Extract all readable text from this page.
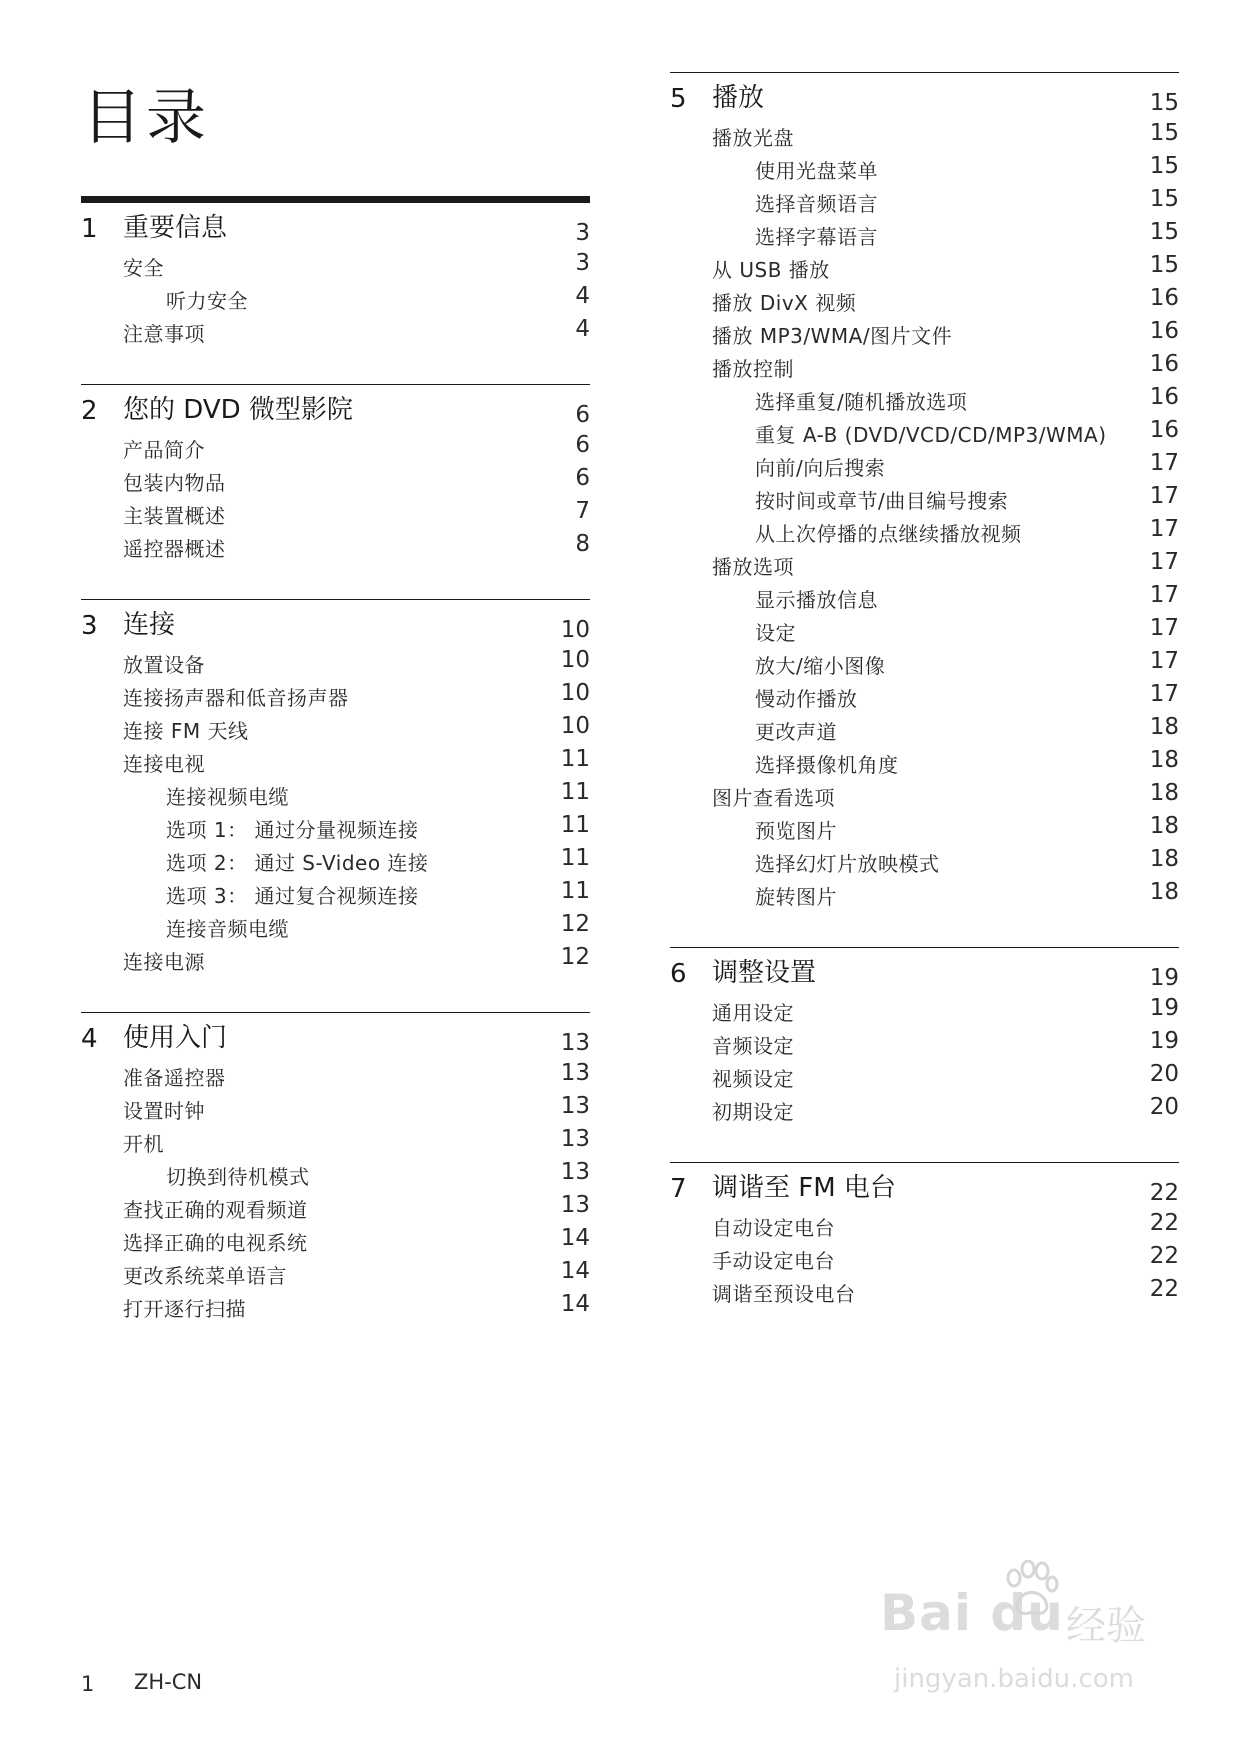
目录
1 重要信息	3
安全	3
听力安全	4
注意事项	4
2 您的 DVD 微型影院	6
产品简介	6
包装内物品	6
主装置概述	7
遥控器概述	8
3 连接	10
放置设备	10
连接扬声器和低音扬声器	10
连接 FM 天线	10
连接电视	11
连接视频电缆	11
选项 1： 通过分量视频连接	11
选项 2： 通过 S-Video 连接	11
选项 3： 通过复合视频连接	11
连接音频电缆	12
连接电源	12
4 使用入门	13
准备遥控器	13
设置时钟	13
开机	13
切换到待机模式	13
查找正确的观看频道	13
选择正确的电视系统	14
更改系统菜单语言	14
打开逐行扫描	14
5 播放	15
播放光盘	15
使用光盘菜单	15
选择音频语言	15
选择字幕语言	15
从 USB 播放	15
播放 DivX 视频	16
播放 MP3/WMA/图片文件	16
播放控制	16
选择重复/随机播放选项	16
重复 A-B (DVD/VCD/CD/MP3/WMA) 16
向前/向后搜索	17
按时间或章节/曲目编号搜索	17
从上次停播的点继续播放视频	17
播放选项	17
显示播放信息	17
设定	17
放大/缩小图像	17
慢动作播放	17
更改声道	18
选择摄像机角度	18
图片查看选项	18
预览图片	18
选择幻灯片放映模式	18
旋转图片	18
6 调整设置	19
通用设定	19
音频设定	19
视频设定	20
初期设定	20
7 调谐至 FM 电台	22
自动设定电台	22
手动设定电台	22
调谐至预设电台	22
1 ZH-CN
Bai du 经验
jingyan.baidu.com
